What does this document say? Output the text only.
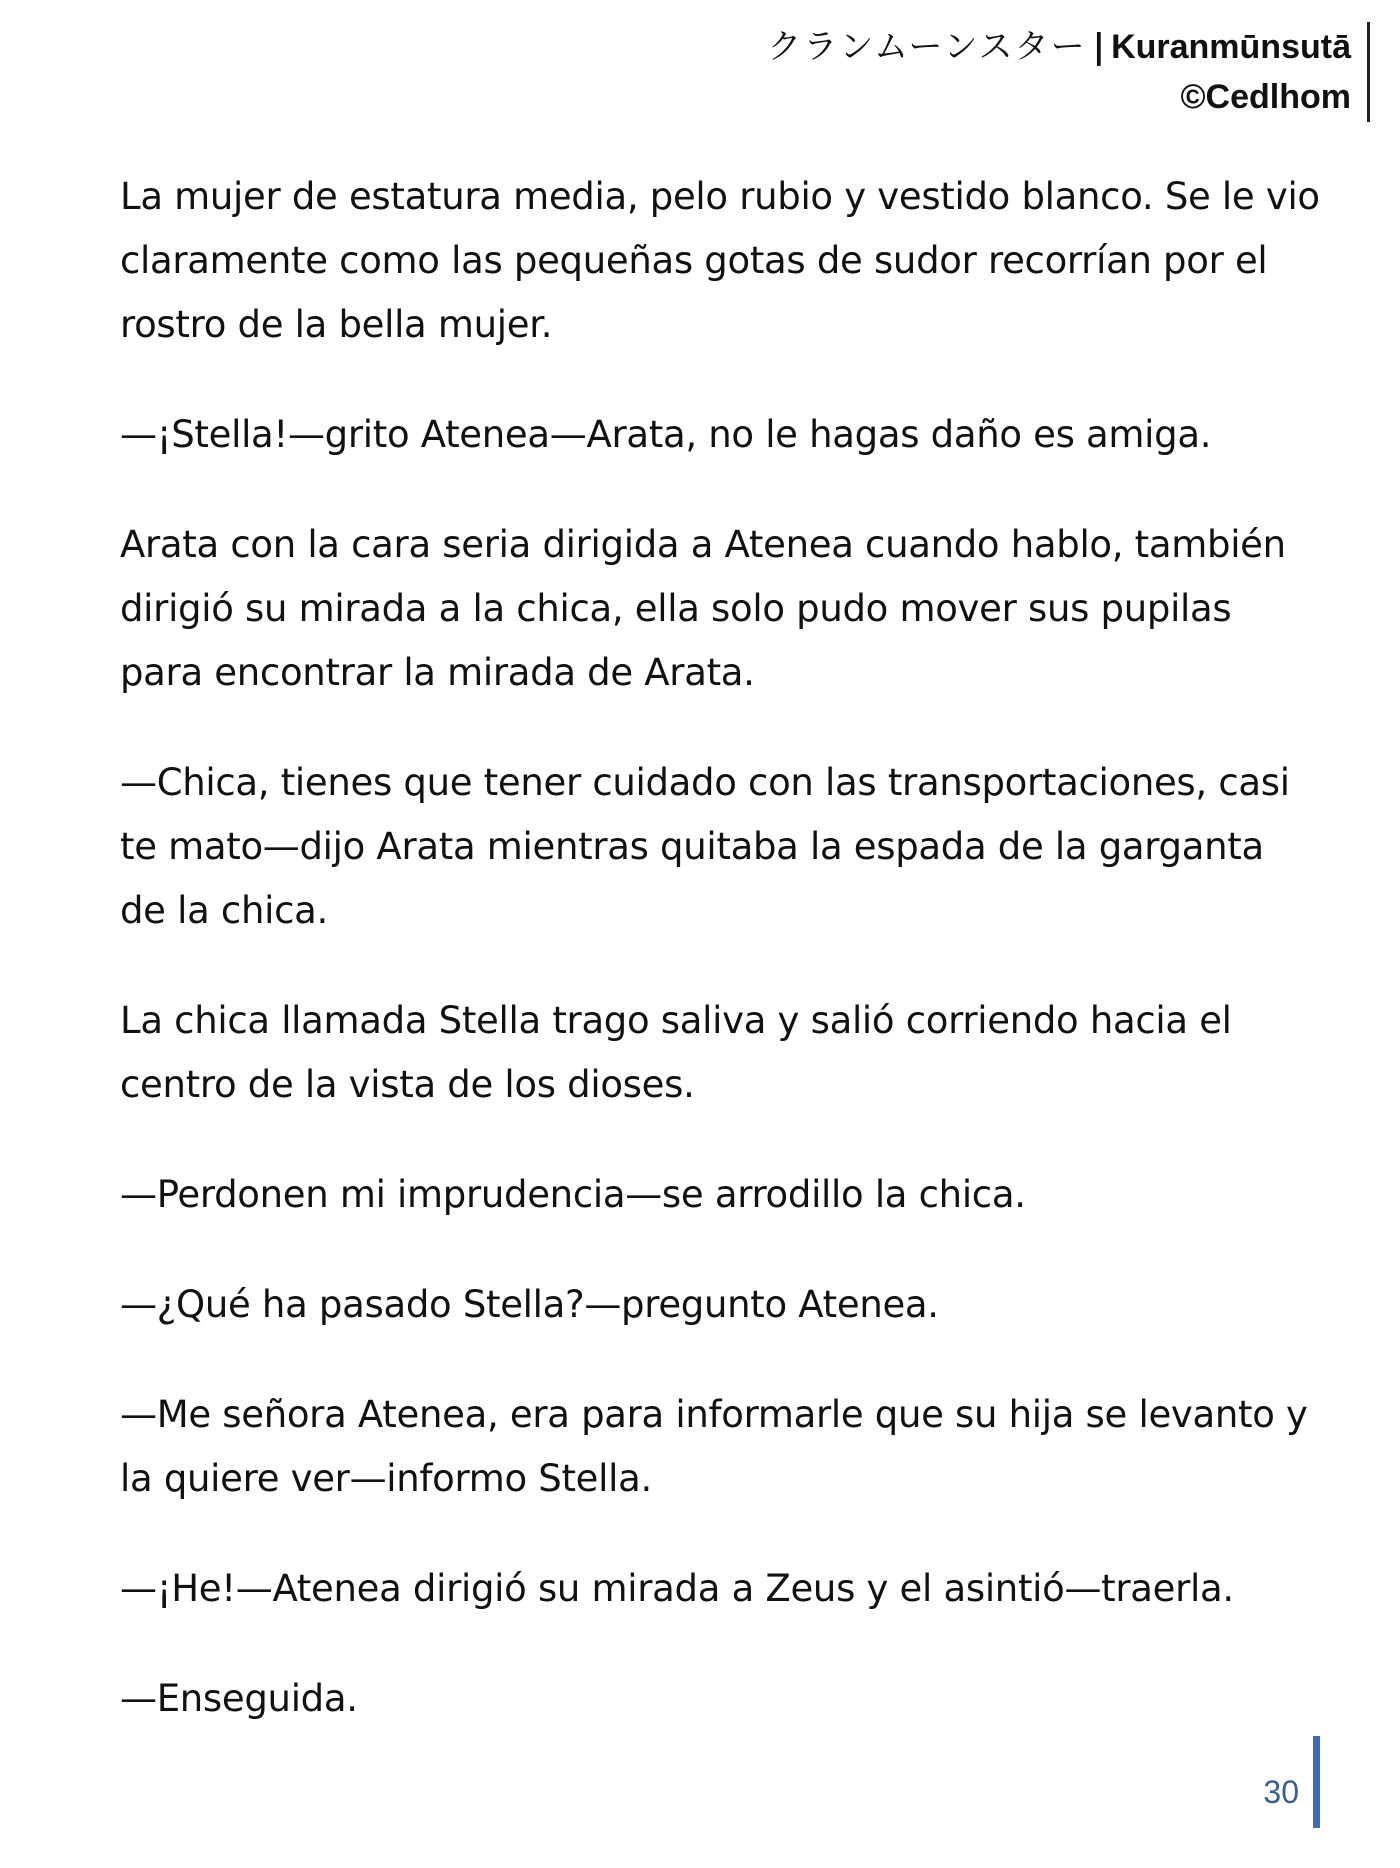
クランムーンスター | Kuranmūnsutā
©Cedlhom

La mujer de estatura media, pelo rubio y vestido blanco. Se le vio claramente como las pequeñas gotas de sudor recorrían por el rostro de la bella mujer.

—¡Stella!—grito Atenea—Arata, no le hagas daño es amiga.

Arata con la cara seria dirigida a Atenea cuando hablo, también dirigió su mirada a la chica, ella solo pudo mover sus pupilas para encontrar la mirada de Arata.

—Chica, tienes que tener cuidado con las transportaciones, casi te mato—dijo Arata mientras quitaba la espada de la garganta de la chica.

La chica llamada Stella trago saliva y salió corriendo hacia el centro de la vista de los dioses.

—Perdonen mi imprudencia—se arrodillo la chica.

—¿Qué ha pasado Stella?—pregunto Atenea.

—Me señora Atenea, era para informarle que su hija se levanto y la quiere ver—informo Stella.

—¡He!—Atenea dirigió su mirada a Zeus y el asintió—traerla.

—Enseguida.

30
